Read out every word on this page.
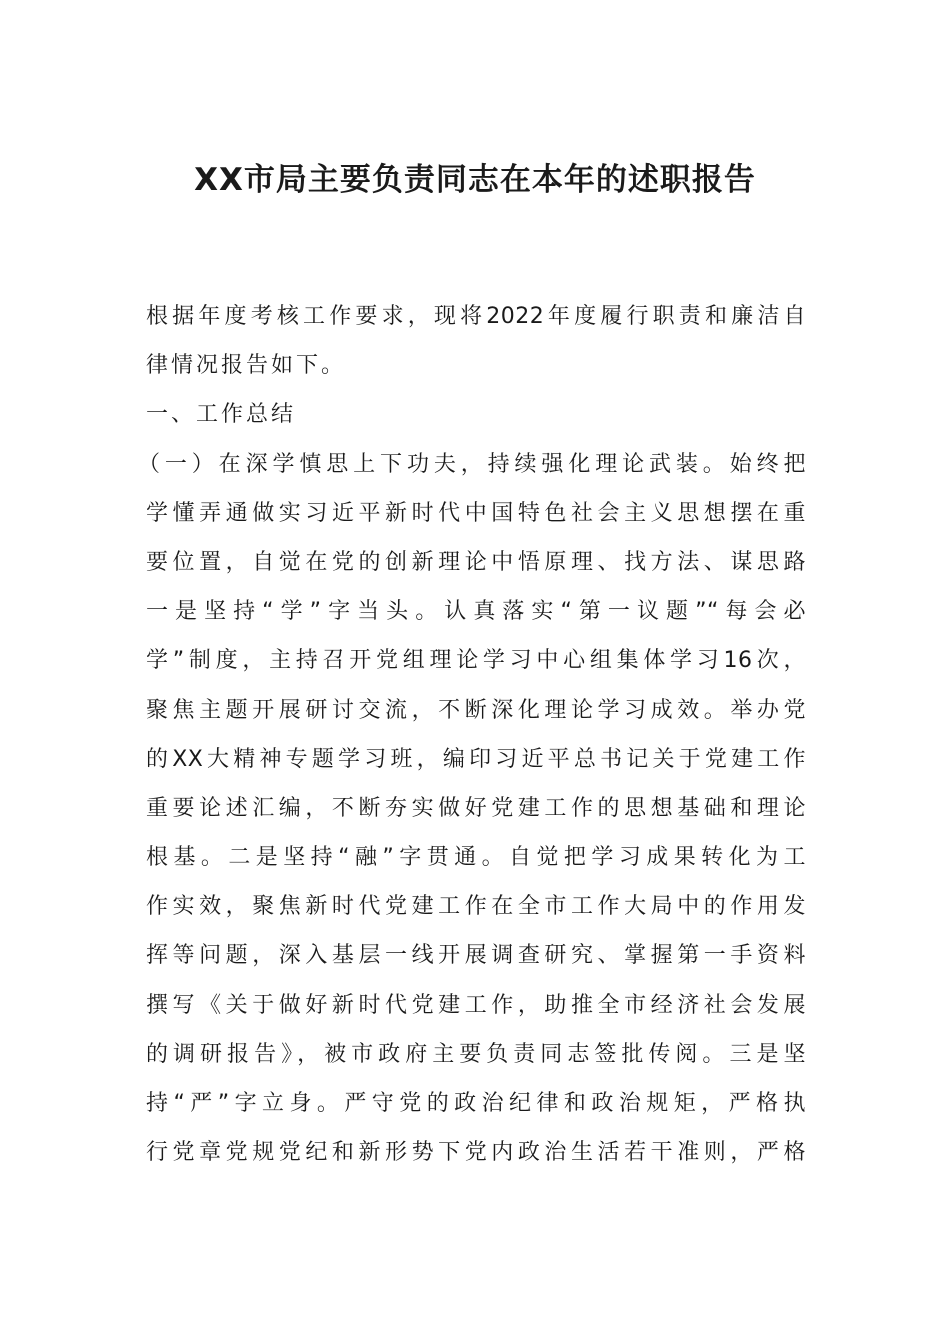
XX市局主要负责同志在本年的述职报告
根据年度考核工作要求，现将2022年度履行职责和廉洁自
律情况报告如下。
一、工作总结
（一）在深学慎思上下功夫，持续强化理论武装。始终把
学懂弄通做实习近平新时代中国特色社会主义思想摆在重
要位置，自觉在党的创新理论中悟原理、找方法、谋思路
一是坚持“学”字当头。认真落实“第一议题”“每会必
学”制度，主持召开党组理论学习中心组集体学习16次，
聚焦主题开展研讨交流，不断深化理论学习成效。举办党
的XX大精神专题学习班，编印习近平总书记关于党建工作
重要论述汇编，不断夯实做好党建工作的思想基础和理论
根基。二是坚持“融”字贯通。自觉把学习成果转化为工
作实效，聚焦新时代党建工作在全市工作大局中的作用发
挥等问题，深入基层一线开展调查研究、掌握第一手资料
撰写《关于做好新时代党建工作，助推全市经济社会发展
的调研报告》，被市政府主要负责同志签批传阅。三是坚
持“严”字立身。严守党的政治纪律和政治规矩，严格执
行党章党规党纪和新形势下党内政治生活若干准则，严格
